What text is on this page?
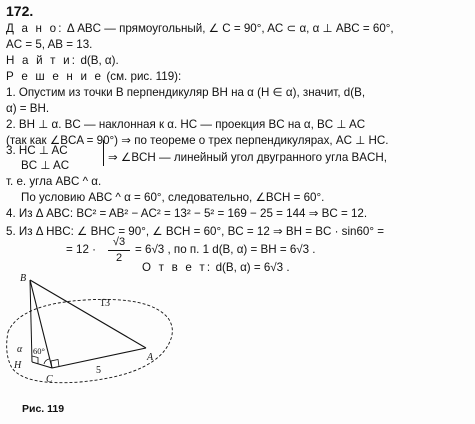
172.
Д а н о: Δ ABC — прямоугольный, ∠ C = 90°, AC ⊂ α, α ⊥ ABC = 60°,
AC = 5, AB = 13.
Н а й т и: d(B, α).
Р е ш е н и е (см. рис. 119):
1. Опустим из точки B перпендикуляр BH на α (H ∈ α), значит, d(B,
α) = BH.
2. BH ⊥ α. BC — наклонная к α. HC — проекция BC на α, BC ⊥ AC
(так как ∠BCA = 90°) ⇒ по теореме о трех перпендикулярах, AC ⊥ HC.
3. HC ⊥ AC
⇒ ∠BCH — линейный угол двугранного угла BACH,
BC ⊥ AC
т. е. угла ABC ^ α.
По условию ABC ^ α = 60°, следовательно, ∠BCH = 60°.
4. Из Δ ABC: BC² = AB² − AC² = 13² − 5² = 169 − 25 = 144 ⇒ BC = 12.
5. Из Δ HBC: ∠ BHC = 90°, ∠ BCH = 60°, BC = 12 ⇒ BH = BC · sin60° =
= 12 ·
√3
2
= 6√3 , по п. 1 d(B, α) = BH = 6√3 .
О т в е т: d(B, α) = 6√3 .
B
H
C
A
α 60°
13
5
Рис. 119
